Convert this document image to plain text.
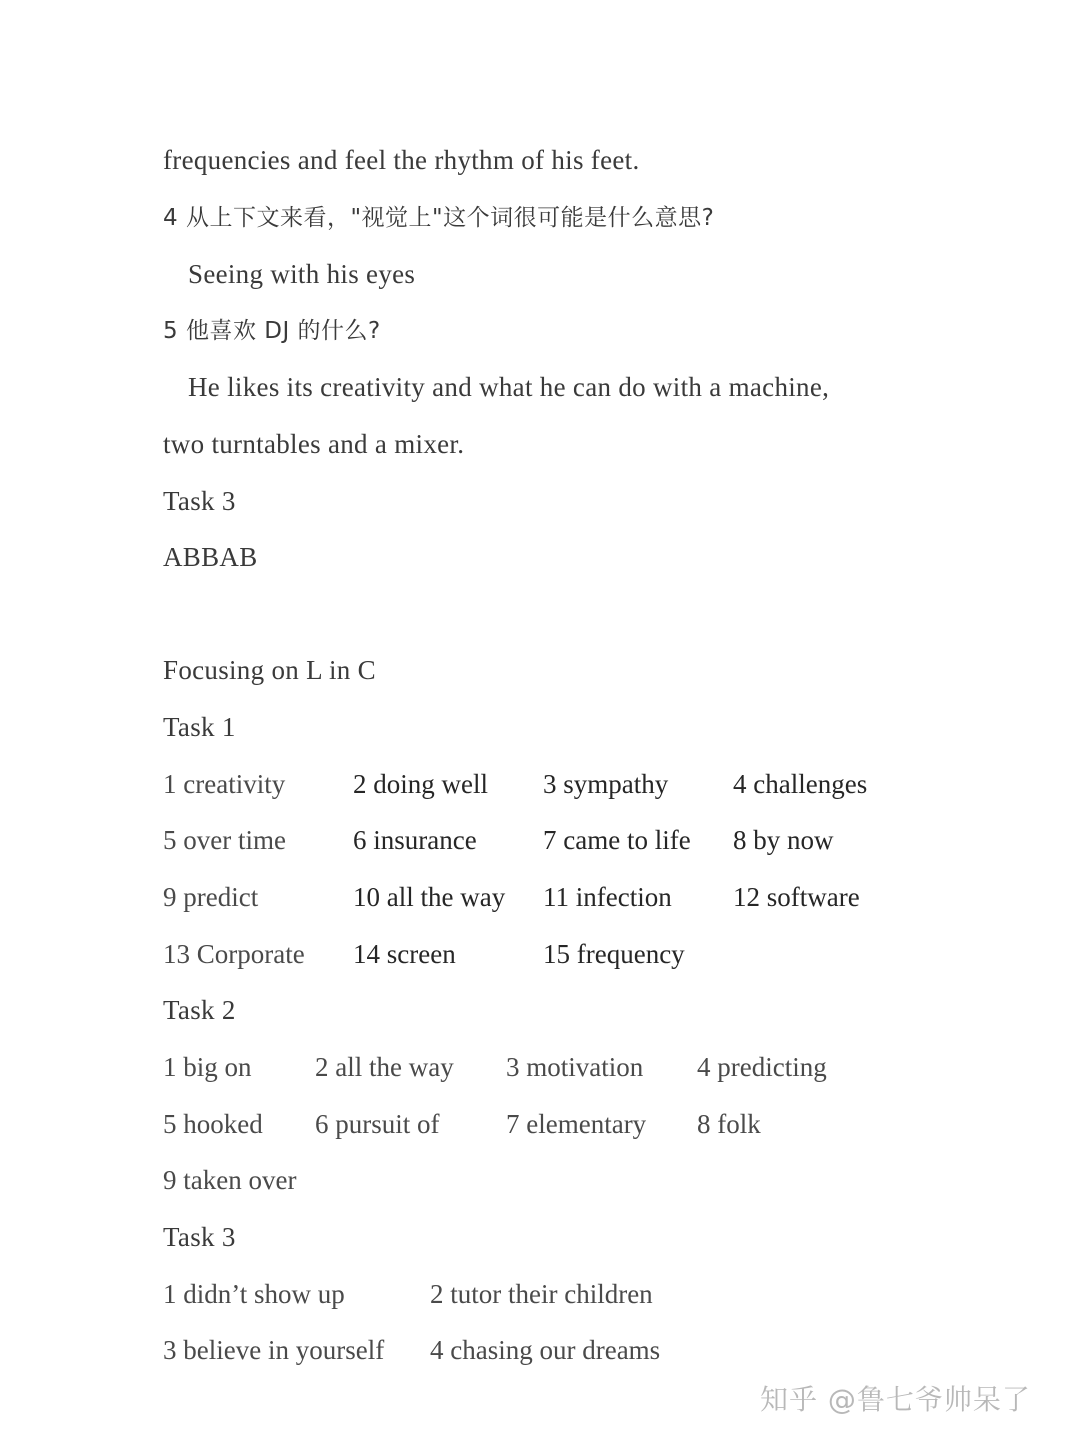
frequencies and feel the rhythm of his feet.
4 从上下文来看，"视觉上"这个词很可能是什么意思?
Seeing with his eyes
5 他喜欢 DJ 的什么?
He likes its creativity and what he can do with a machine,
two turntables and a mixer.
Task 3
ABBAB
Focusing on L in C
Task 1
1 creativity	2 doing well 3 sympathy 4 challenges
5 over time 6 insurance 7 came to life 8 by now
9 predict	10 all the way 11 infection 12 software
13 Corporate 14 screen	15 frequency
Task 2
1 big on 2 all the way 3 motivation 4 predicting
5 hooked 6 pursuit of 7 elementary 8 folk
9 taken over
Task 3
1 didn’t show up	2 tutor their children
3 believe in yourself 4 chasing our dreams
知乎 @鲁七爷帅呆了
